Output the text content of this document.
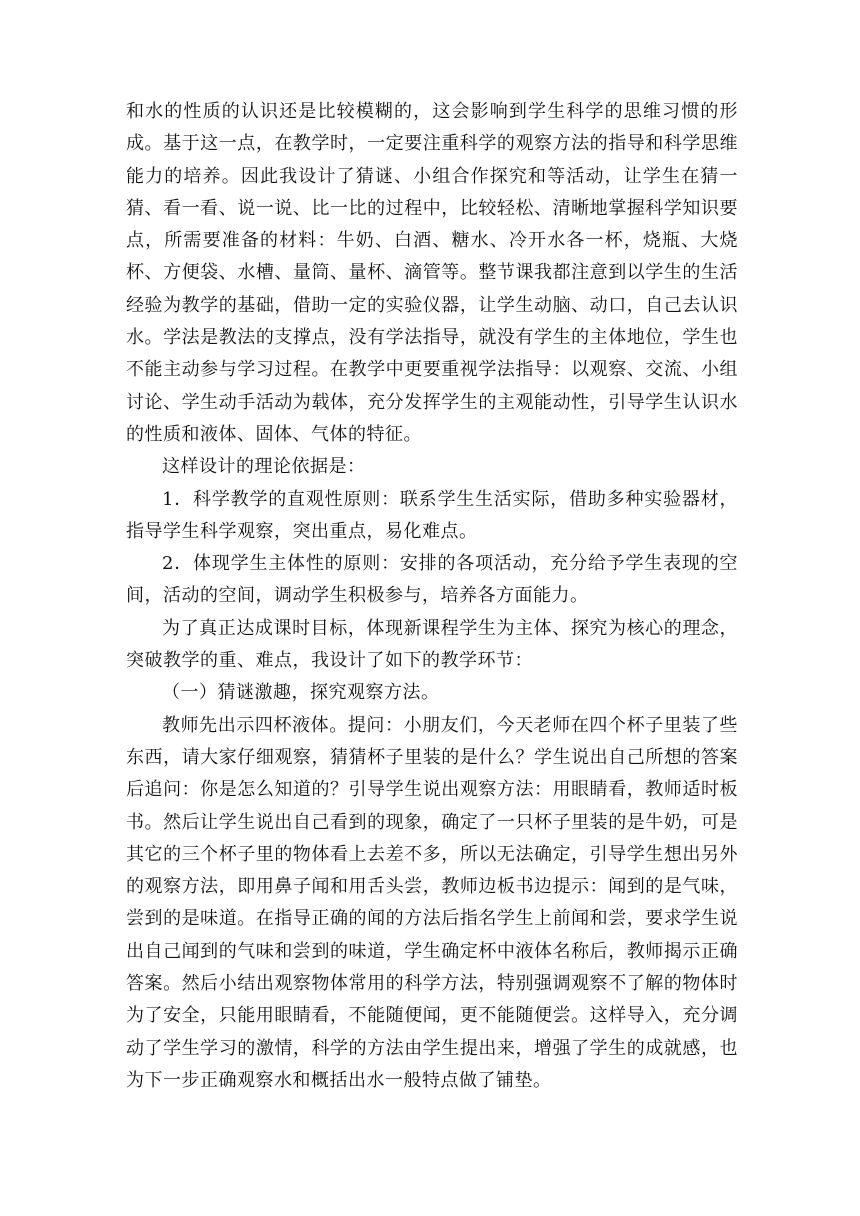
和水的性质的认识还是比较模糊的，这会影响到学生科学的思维习惯的形成。基于这一点，在教学时，一定要注重科学的观察方法的指导和科学思维能力的培养。因此我设计了猜谜、小组合作探究和等活动，让学生在猜一猜、看一看、说一说、比一比的过程中，比较轻松、清晰地掌握科学知识要点，所需要准备的材料：牛奶、白酒、糖水、冷开水各一杯，烧瓶、大烧杯、方便袋、水槽、量筒、量杯、滴管等。整节课我都注意到以学生的生活经验为教学的基础，借助一定的实验仪器，让学生动脑、动口，自己去认识水。学法是教法的支撑点，没有学法指导，就没有学生的主体地位，学生也不能主动参与学习过程。在教学中更要重视学法指导：以观察、交流、小组讨论、学生动手活动为载体，充分发挥学生的主观能动性，引导学生认识水的性质和液体、固体、气体的特征。

这样设计的理论依据是：

1．科学教学的直观性原则：联系学生生活实际，借助多种实验器材，指导学生科学观察，突出重点，易化难点。

2．体现学生主体性的原则：安排的各项活动，充分给予学生表现的空间，活动的空间，调动学生积极参与，培养各方面能力。

为了真正达成课时目标，体现新课程学生为主体、探究为核心的理念，突破教学的重、难点，我设计了如下的教学环节：

（一）猜谜激趣，探究观察方法。

教师先出示四杯液体。提问：小朋友们，今天老师在四个杯子里装了些东西，请大家仔细观察，猜猜杯子里装的是什么？学生说出自己所想的答案后追问：你是怎么知道的？引导学生说出观察方法：用眼睛看，教师适时板书。然后让学生说出自己看到的现象，确定了一只杯子里装的是牛奶，可是其它的三个杯子里的物体看上去差不多，所以无法确定，引导学生想出另外的观察方法，即用鼻子闻和用舌头尝，教师边板书边提示：闻到的是气味，尝到的是味道。在指导正确的闻的方法后指名学生上前闻和尝，要求学生说出自己闻到的气味和尝到的味道，学生确定杯中液体名称后，教师揭示正确答案。然后小结出观察物体常用的科学方法，特别强调观察不了解的物体时为了安全，只能用眼睛看，不能随便闻，更不能随便尝。这样导入，充分调动了学生学习的激情，科学的方法由学生提出来，增强了学生的成就感，也为下一步正确观察水和概括出水一般特点做了铺垫。
